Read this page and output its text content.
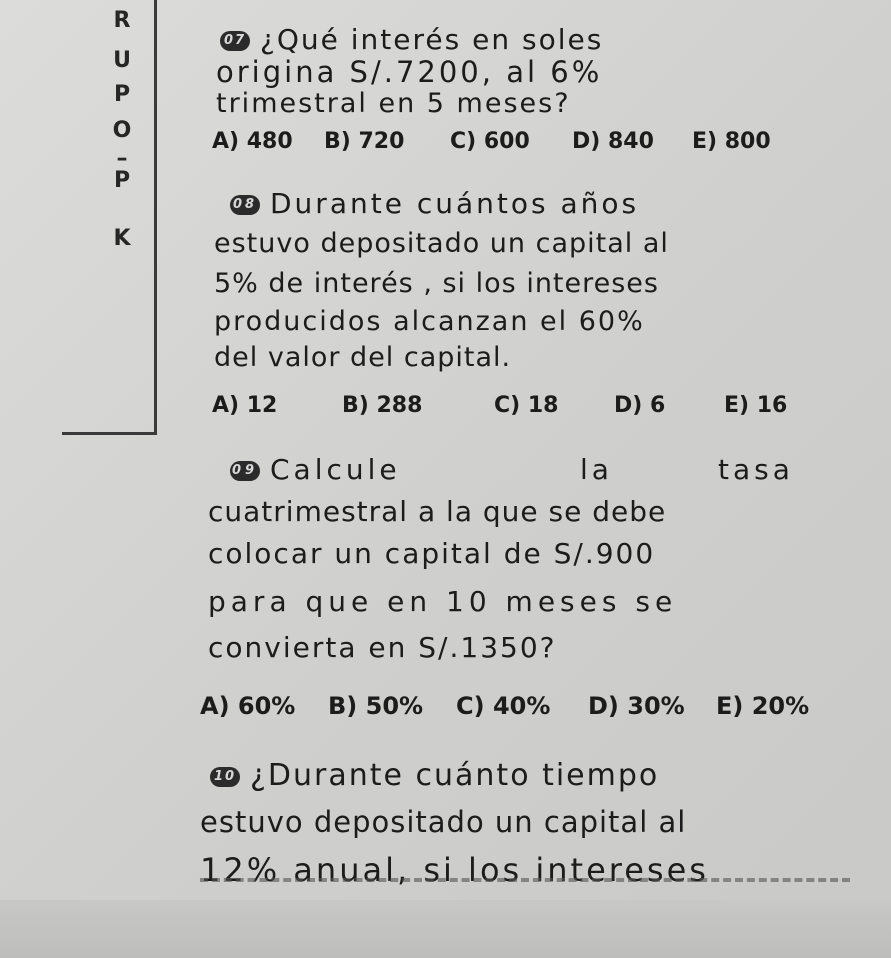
R
U
P
O
–
P
K
07 ¿Qué interés en soles
origina S/.7200, al 6%
trimestral en 5 meses?
A) 480 B) 720 C) 600 D) 840 E) 800
08 Durante cuántos años
estuvo depositado un capital al
5% de interés , si los intereses
producidos alcanzan el 60%
del valor del capital.
A) 12	B) 288	C) 18	D) 6	E) 16
09 Calcule	la	tasa
cuatrimestral a la que se debe
colocar un capital de S/.900
para que en 10 meses se
convierta en S/.1350?
A) 60% B) 50% C) 40% D) 30% E) 20%
10 ¿Durante cuánto tiempo
estuvo depositado un capital al
12% anual, si los intereses
